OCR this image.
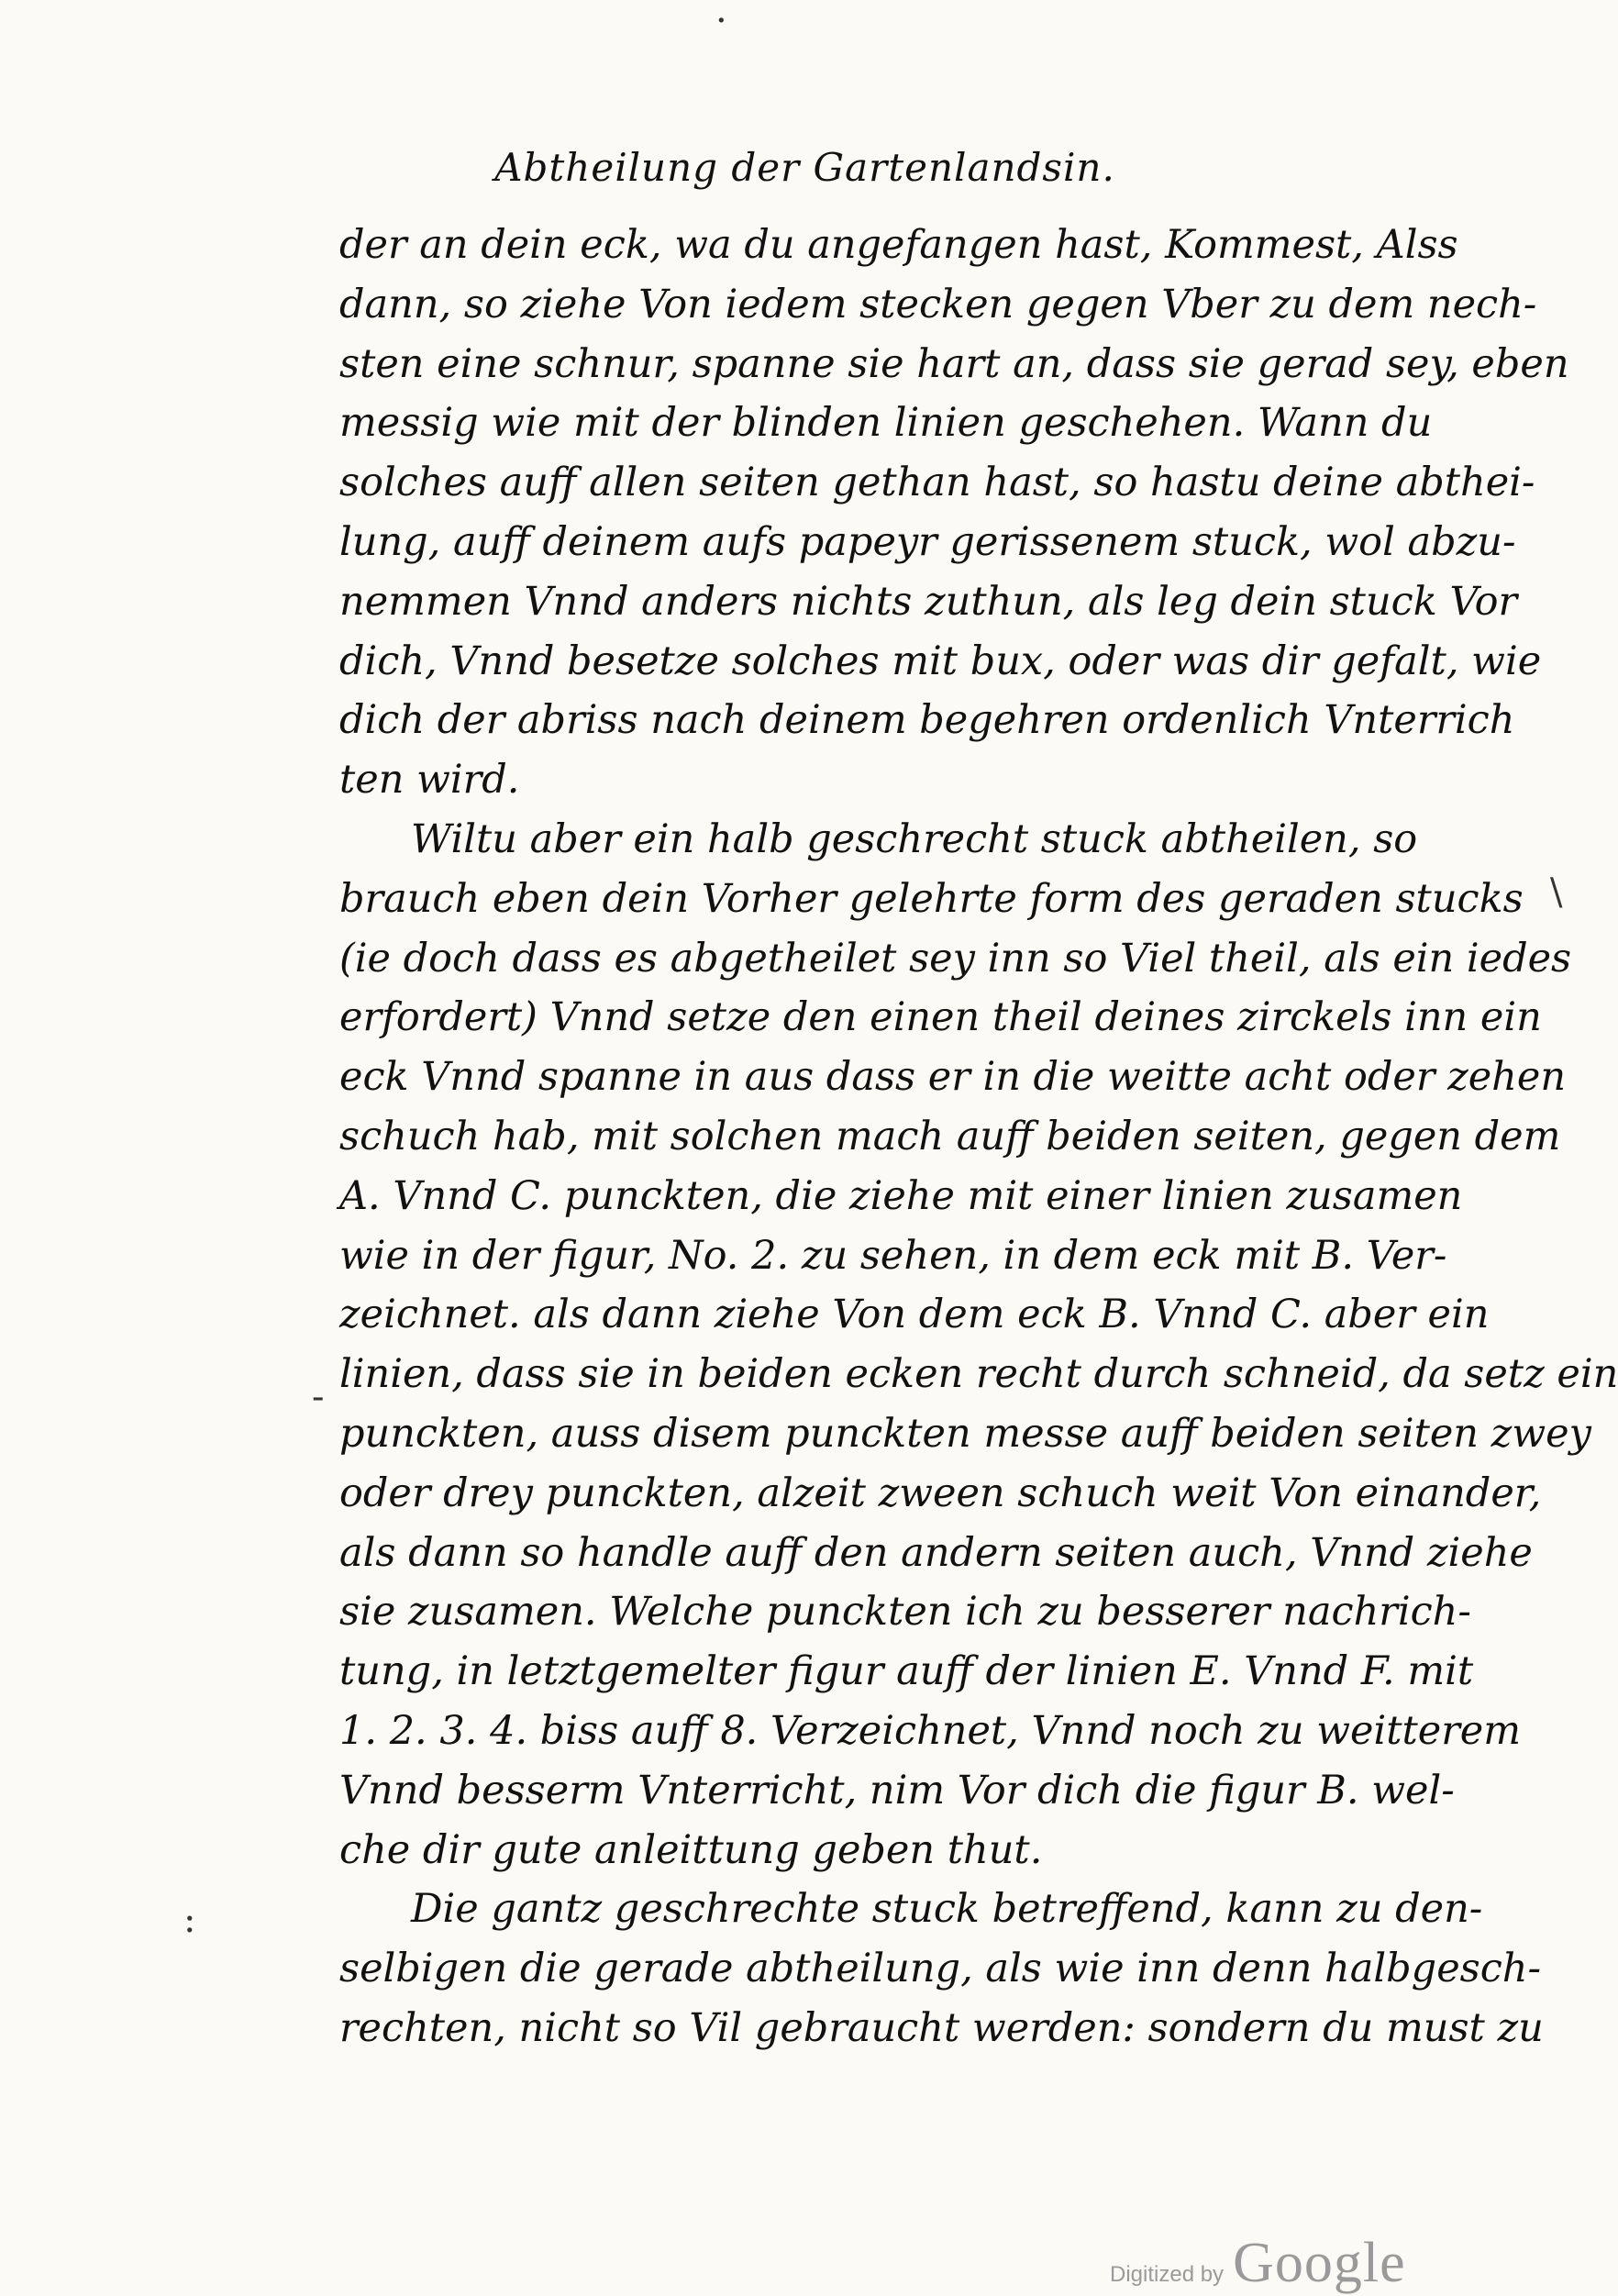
Abtheilung der Gartenlandsin.
der an dein eck, wa du angefangen hast, Kommest, Alss
dann, so ziehe Von iedem stecken gegen Vber zu dem nech-
sten eine schnur, spanne sie hart an, dass sie gerad sey, eben
messig wie mit der blinden linien geschehen. Wann du
solches auff allen seiten gethan hast, so hastu deine abthei-
lung, auff deinem aufs papeyr gerissenem stuck, wol abzu-
nemmen Vnnd anders nichts zuthun, als leg dein stuck Vor
dich, Vnnd besetze solches mit bux, oder was dir gefalt, wie
dich der abriss nach deinem begehren ordenlich Vnterrich
ten wird.
Wiltu aber ein halb geschrecht stuck abtheilen, so
brauch eben dein Vorher gelehrte form des geraden stucks
(ie doch dass es abgetheilet sey inn so Viel theil, als ein iedes
erfordert) Vnnd setze den einen theil deines zirckels inn ein
eck Vnnd spanne in aus dass er in die weitte acht oder zehen
schuch hab, mit solchen mach auff beiden seiten, gegen dem
A. Vnnd C. punckten, die ziehe mit einer linien zusamen
wie in der figur, No. 2. zu sehen, in dem eck mit B. Ver-
zeichnet. als dann ziehe Von dem eck B. Vnnd C. aber ein
linien, dass sie in beiden ecken recht durch schneid, da setz ein
punckten, auss disem punckten messe auff beiden seiten zwey
oder drey punckten, alzeit zween schuch weit Von einander,
als dann so handle auff den andern seiten auch, Vnnd ziehe
sie zusamen. Welche punckten ich zu besserer nachrich-
tung, in letztgemelter figur auff der linien E. Vnnd F. mit
1. 2. 3. 4. biss auff 8. Verzeichnet, Vnnd noch zu weitterem
Vnnd besserm Vnterricht, nim Vor dich die figur B. wel-
che dir gute anleittung geben thut.
Die gantz geschrechte stuck betreffend, kann zu den-
selbigen die gerade abtheilung, als wie inn denn halbgesch-
rechten, nicht so Vil gebraucht werden: sondern du must zu
·
\
-
:
Digitized by Google
